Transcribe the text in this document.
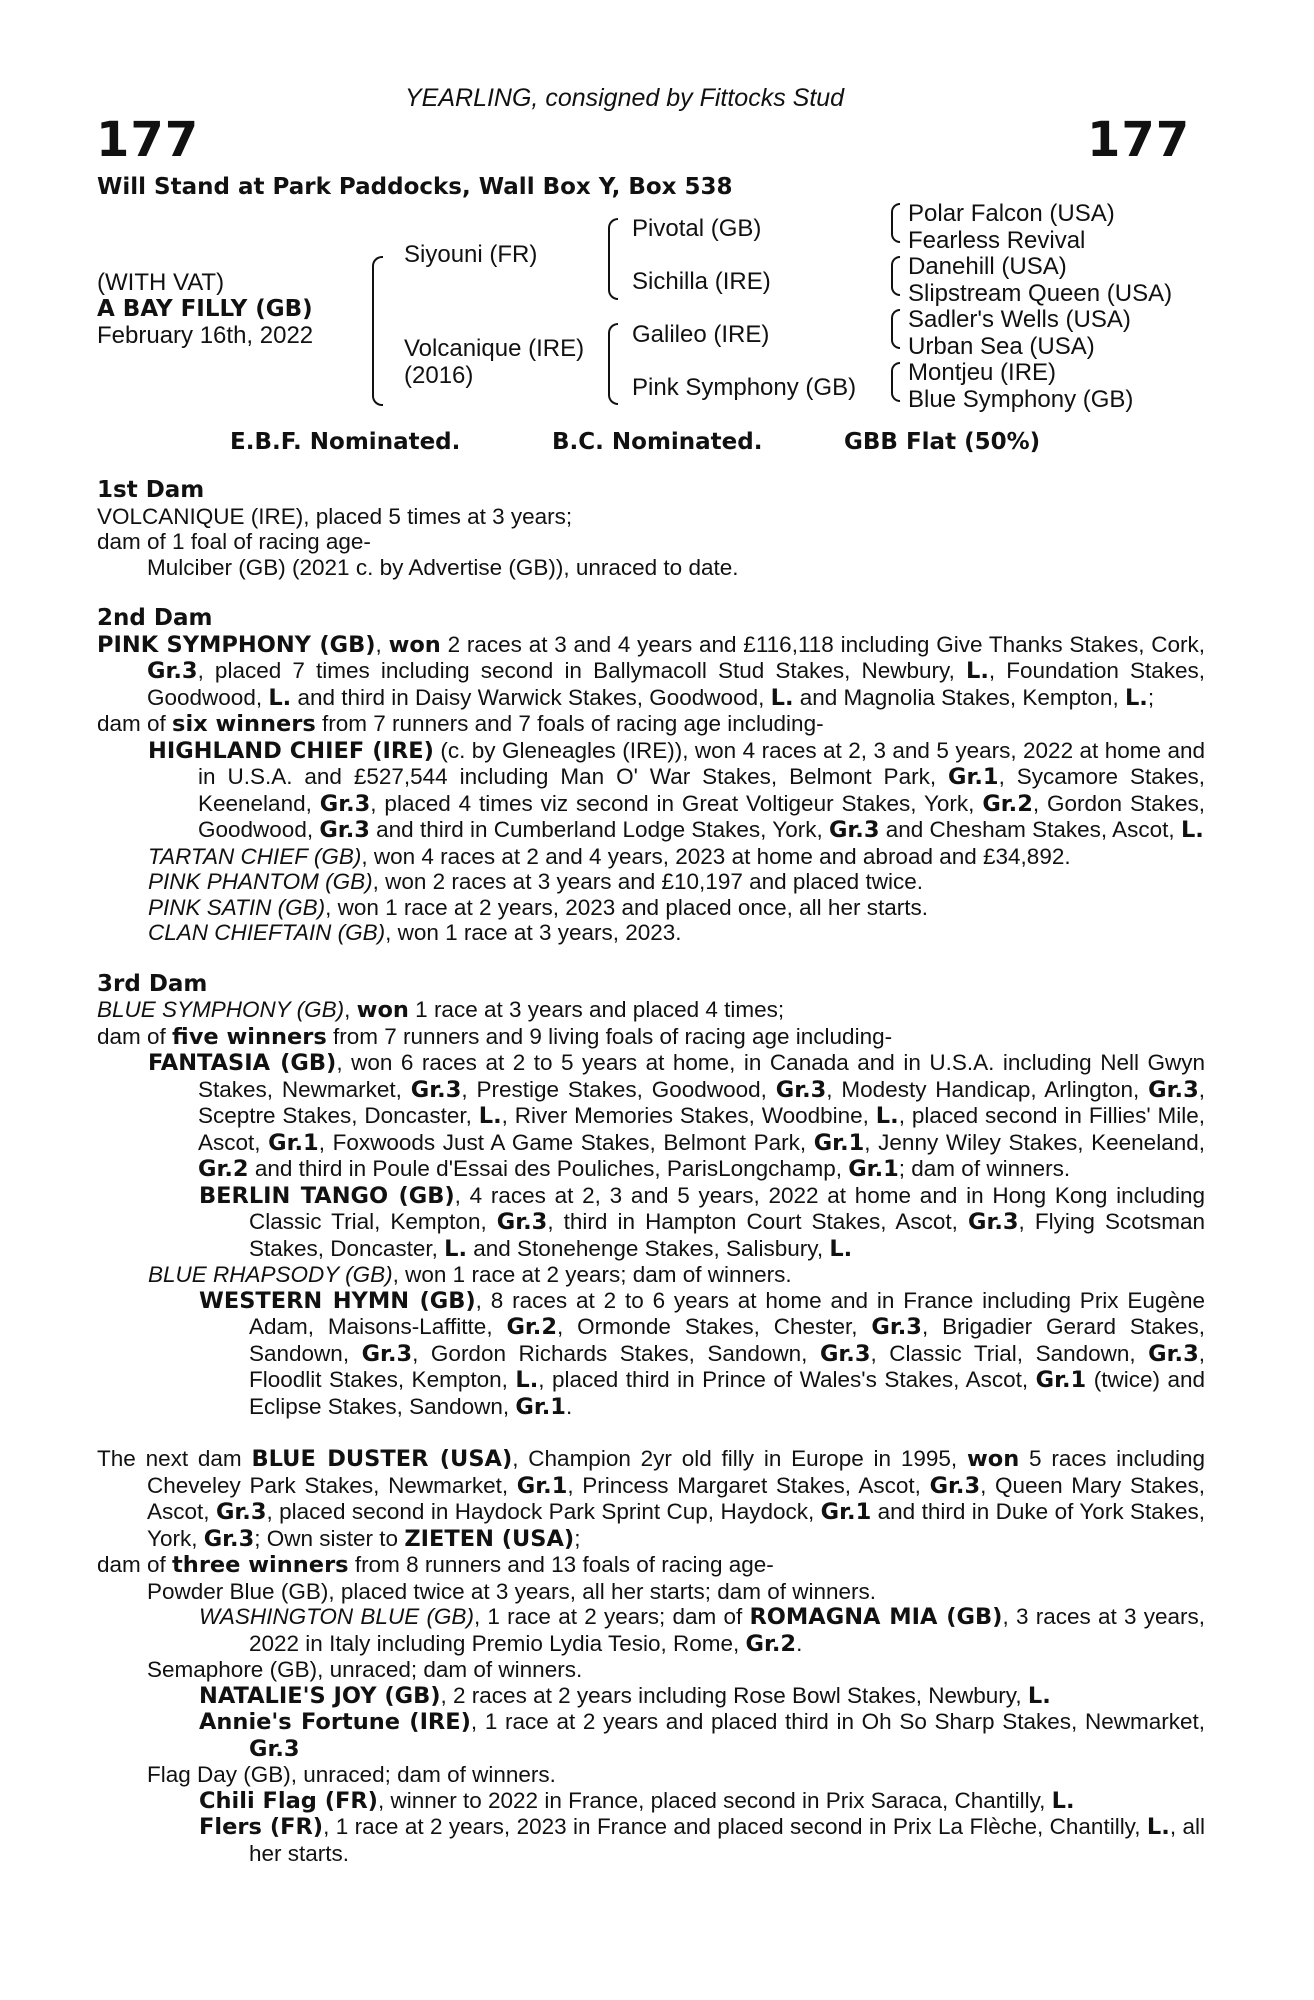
YEARLING, consigned by Fittocks Stud
177	177
Will Stand at Park Paddocks, Wall Box Y, Box 538
(WITH VAT)
A BAY FILLY (GB)
February 16th, 2022
Siyouni (FR)
Volcanique (IRE)
(2016)
Pivotal (GB)
Sichilla (IRE)
Galileo (IRE)
Pink Symphony (GB)
Polar Falcon (USA)
Fearless Revival
Danehill (USA)
Slipstream Queen (USA)
Sadler's Wells (USA)
Urban Sea (USA)
Montjeu (IRE)
Blue Symphony (GB)
E.B.F. Nominated.	B.C. Nominated.	GBB Flat (50%)

1st Dam

VOLCANIQUE (IRE), placed 5 times at 3 years;

dam of 1 foal of racing age-

Mulciber (GB) (2021 c. by Advertise (GB)), unraced to date.

2nd Dam

PINK SYMPHONY (GB), won 2 races at 3 and 4 years and £116,118 including Give Thanks Stakes, Cork, Gr.3, placed 7 times including second in Ballymacoll Stud Stakes, Newbury, L., Foundation Stakes, Goodwood, L. and third in Daisy Warwick Stakes, Goodwood, L. and Magnolia Stakes, Kempton, L.;

dam of six winners from 7 runners and 7 foals of racing age including-

HIGHLAND CHIEF (IRE) (c. by Gleneagles (IRE)), won 4 races at 2, 3 and 5 years, 2022 at home and in U.S.A. and £527,544 including Man O' War Stakes, Belmont Park, Gr.1, Sycamore Stakes, Keeneland, Gr.3, placed 4 times viz second in Great Voltigeur Stakes, York, Gr.2, Gordon Stakes, Goodwood, Gr.3 and third in Cumberland Lodge Stakes, York, Gr.3 and Chesham Stakes, Ascot, L.

TARTAN CHIEF (GB), won 4 races at 2 and 4 years, 2023 at home and abroad and £34,892.

PINK PHANTOM (GB), won 2 races at 3 years and £10,197 and placed twice.

PINK SATIN (GB), won 1 race at 2 years, 2023 and placed once, all her starts.

CLAN CHIEFTAIN (GB), won 1 race at 3 years, 2023.

3rd Dam

BLUE SYMPHONY (GB), won 1 race at 3 years and placed 4 times;

dam of five winners from 7 runners and 9 living foals of racing age including-

FANTASIA (GB), won 6 races at 2 to 5 years at home, in Canada and in U.S.A. including Nell Gwyn Stakes, Newmarket, Gr.3, Prestige Stakes, Goodwood, Gr.3, Modesty Handicap, Arlington, Gr.3, Sceptre Stakes, Doncaster, L., River Memories Stakes, Woodbine, L., placed second in Fillies' Mile, Ascot, Gr.1, Foxwoods Just A Game Stakes, Belmont Park, Gr.1, Jenny Wiley Stakes, Keeneland, Gr.2 and third in Poule d'Essai des Pouliches, ParisLongchamp, Gr.1; dam of winners.

BERLIN TANGO (GB), 4 races at 2, 3 and 5 years, 2022 at home and in Hong Kong including Classic Trial, Kempton, Gr.3, third in Hampton Court Stakes, Ascot, Gr.3, Flying Scotsman Stakes, Doncaster, L. and Stonehenge Stakes, Salisbury, L.

BLUE RHAPSODY (GB), won 1 race at 2 years; dam of winners.

WESTERN HYMN (GB), 8 races at 2 to 6 years at home and in France including Prix Eugène Adam, Maisons-Laffitte, Gr.2, Ormonde Stakes, Chester, Gr.3, Brigadier Gerard Stakes, Sandown, Gr.3, Gordon Richards Stakes, Sandown, Gr.3, Classic Trial, Sandown, Gr.3, Floodlit Stakes, Kempton, L., placed third in Prince of Wales's Stakes, Ascot, Gr.1 (twice) and Eclipse Stakes, Sandown, Gr.1.

The next dam BLUE DUSTER (USA), Champion 2yr old filly in Europe in 1995, won 5 races including Cheveley Park Stakes, Newmarket, Gr.1, Princess Margaret Stakes, Ascot, Gr.3, Queen Mary Stakes, Ascot, Gr.3, placed second in Haydock Park Sprint Cup, Haydock, Gr.1 and third in Duke of York Stakes, York, Gr.3; Own sister to ZIETEN (USA);

dam of three winners from 8 runners and 13 foals of racing age-

Powder Blue (GB), placed twice at 3 years, all her starts; dam of winners.

WASHINGTON BLUE (GB), 1 race at 2 years; dam of ROMAGNA MIA (GB), 3 races at 3 years, 2022 in Italy including Premio Lydia Tesio, Rome, Gr.2.

Semaphore (GB), unraced; dam of winners.

NATALIE'S JOY (GB), 2 races at 2 years including Rose Bowl Stakes, Newbury, L.

Annie's Fortune (IRE), 1 race at 2 years and placed third in Oh So Sharp Stakes, Newmarket, Gr.3

Flag Day (GB), unraced; dam of winners.

Chili Flag (FR), winner to 2022 in France, placed second in Prix Saraca, Chantilly, L.

Flers (FR), 1 race at 2 years, 2023 in France and placed second in Prix La Flèche, Chantilly, L., all her starts.
